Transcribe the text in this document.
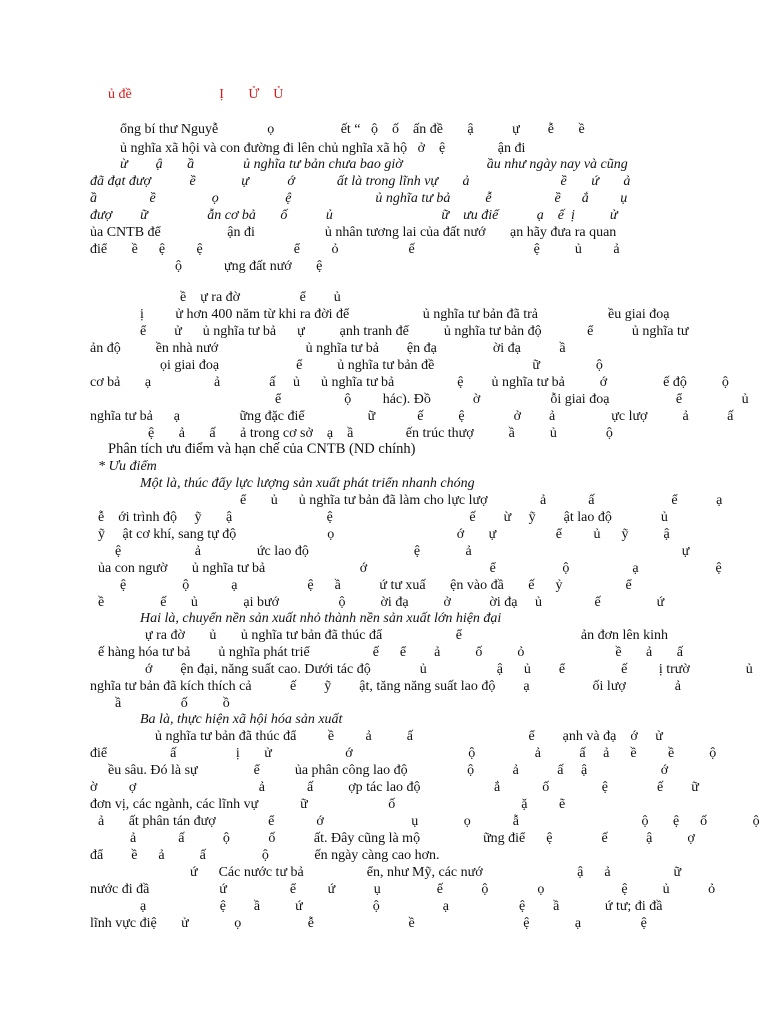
ủ đề                         Ị       Ử    Ủ

ổng bí thư Nguyễ              ọ                   ết “   ộ    ố    ấn đề       ậ           ự        ễ       ề

ủ nghĩa xã hội và con đường đi lên chủ nghĩa xã hộ   ở    ệ               ận đi

ừ        ậ       ầ              ủ nghĩa tư bản chưa bao giờ                        ầu như ngày nay và cũng

đã đạt đượ           ề             ự           ớ            ất là trong lĩnh vự       ả                          ề       ứ       ả

ầ               ề                ọ                   ệ                        ủ nghĩa tư bả          ễ                  ề      ắ         ụ

đượ        ữ                 ẫn cơ bả       ố           ủ                               ữ    ưu điể           ạ    ế  ị          ử

ủa CNTB để                   ận đi                    ủ nhân tương lai của đất nướ       ạn hãy đưa ra quan

điể       ề      ệ         ệ                          ể         ỏ                    ế                                  ệ          ủ         ả

ộ            ựng đất nướ       ệ

ề    ự ra đờ                 ể        ủ

ị         ử hơn 400 năm từ khi ra đời để                     ủ nghĩa tư bản đã trả                    ều giai đoạ

ể        ử      ủ nghĩa tư bả      ự          ạnh tranh để          ủ nghĩa tư bản độ             ể           ủ nghĩa tư

ản độ          ền nhà nướ                         ủ nghĩa tư bả        ện đạ                ời đạ           ầ

ọi giai đoạ                      ể          ủ nghĩa tư bản đề                            ữ                ộ

cơ bả       ạ                  ả              ấ     ủ      ủ nghĩa tư bả                  ệ        ủ nghĩa tư bả          ớ                ế độ          ộ

ể                  ộ         hác). Đồ            ờ                    ỗi giai đoạ                   ể                 ủ

nghĩa tư bả      ạ                 ững đặc điể                  ữ            ế          ệ              ở        ả                ực lượ          ả           ấ

ệ       ả       ấ       ả trong cơ sở    ạ    ầ               ến trúc thượ          ầ          ủ              ộ

Phân tích ưu điểm và hạn chế của CNTB (ND chính)

* Ưu điểm

Một là, thúc đẩy lực lượng sản xuất phát triển nhanh chóng

ể       ủ      ủ nghĩa tư bản đã làm cho lực lượ               ả            ấ                      ể           ạ

ễ    ới trình độ     ỹ       ậ                           ệ                                       ế        ừ     ỹ        ật lao độ              ủ

ỹ     ật cơ khí, sang tự độ                          ọ                                   ớ       ự                 ể         ủ      ỹ          ậ

ệ                     ả                ức lao độ                              ệ             ả                                                            ự

ủa con ngườ       ủ nghĩa tư bả                           ớ                                   ể                   ộ                  ạ                      ệ

ệ                ộ            ạ                    ệ      ầ           ứ tư xuấ       ện vào đầ       ế      ỷ                  ể

ề                ế       ủ             ại bướ                 ộ          ời đạ          ở           ời đạ     ủ               ế                ứ

Hai là, chuyển nền sản xuất nhỏ thành nền sản xuất lớn hiện đại

ự ra đờ       ủ       ủ nghĩa tư bản đã thúc đẩ                     ể                                  ản đơn lên kinh

ế hàng hóa tư bả        ủ nghĩa phát triể                  ế      ể        ả          ố          ỏ                          ề       ả       ấ

ớ        ện đại, năng suất cao. Dưới tác độ              ủ                    ậ      ủ        ể                ế         ị trườ                ủ

nghĩa tư bản đã kích thích cả           ế        ỹ        ật, tăng năng suất lao độ        ạ                  ối lượ              ả

ầ                 ố          ồ

Ba là, thực hiện xã hội hóa sản xuất

ủ nghĩa tư bản đã thúc đẩ         ề         ả          ấ                                 ể        ạnh và đạ    ớ     ử

điể                  ấ                 ị       ử                     ớ                                 ộ                 ả           ấ     ả      ề         ề          ộ

ều sâu. Đó là sự                ể          ủa phân công lao độ                 ộ           ả           ấ     ậ                     ớ

ờ         ợ                                   ả            ấ          ợp tác lao độ                     ắ            ố               ệ              ế        ữ

đơn vị, các ngành, các lĩnh vự            ữ                       ố                                    ặ         ẽ

ả       ất phân tán đượ               ể            ớ                         ụ             ọ            ẫ                                   ộ       ệ      ố             ộ

ả            ấ           ộ           ố           ất. Đây cũng là mộ                  ững điể      ệ              ế           ậ          ợ

đẩ        ề      ả          ấ                ộ             ến ngày càng cao hơn.

ứ      Các nước tư bả                  ển, như Mỹ, các nướ                           ậ      ả                  ữ

nước đi đầ                    ứ                  ể         ứ           ụ                ế           ộ              ọ                      ệ          ủ           ỏ

ạ                     ệ        ầ          ứ                    ộ                  ạ                    ệ        ầ             ứ tư; đi đầ

lĩnh vực điệ       ử             ọ                   ễ                           ề                               ệ             ạ                 ệ
